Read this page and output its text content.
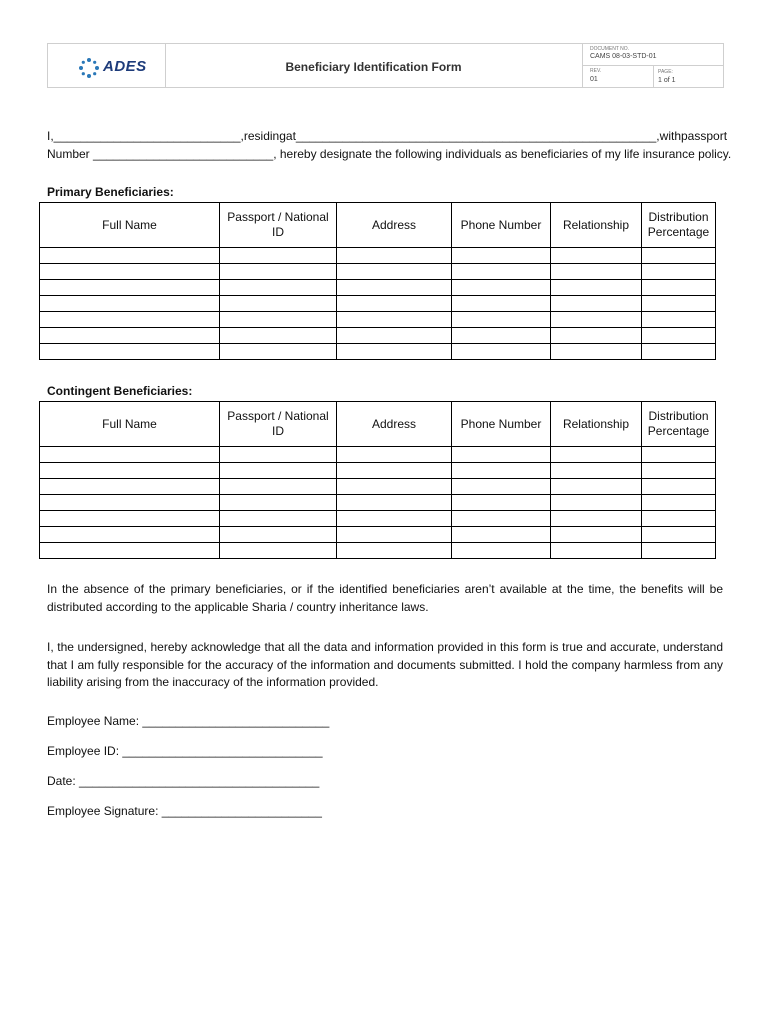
ADES	Beneficiary Identification Form
DOCUMENT NO.
CAMS 08-03-STD-01
REV.
01
PAGE:
1 of 1
I, ____________________________, residing at ______________________________________________________, with passport
Number ___________________________, hereby designate the following individuals as beneficiaries of my life insurance policy.
Primary Beneficiaries:
Full Name	Passport / National ID	Address	Phone Number	Relationship	Distribution Percentage

Contingent Beneficiaries:
Full Name	Passport / National ID	Address	Phone Number	Relationship	Distribution Percentage

In the absence of the primary beneficiaries, or if the identified beneficiaries aren’t available at the time, the benefits will be distributed according to the applicable Sharia / country inheritance laws.
I, the undersigned, hereby acknowledge that all the data and information provided in this form is true and accurate, understand that I am fully responsible for the accuracy of the information and documents submitted. I hold the company harmless from any liability arising from the inaccuracy of the information provided.
Employee Name: ____________________________
Employee ID: ______________________________
Date: ____________________________________
Employee Signature: ________________________
